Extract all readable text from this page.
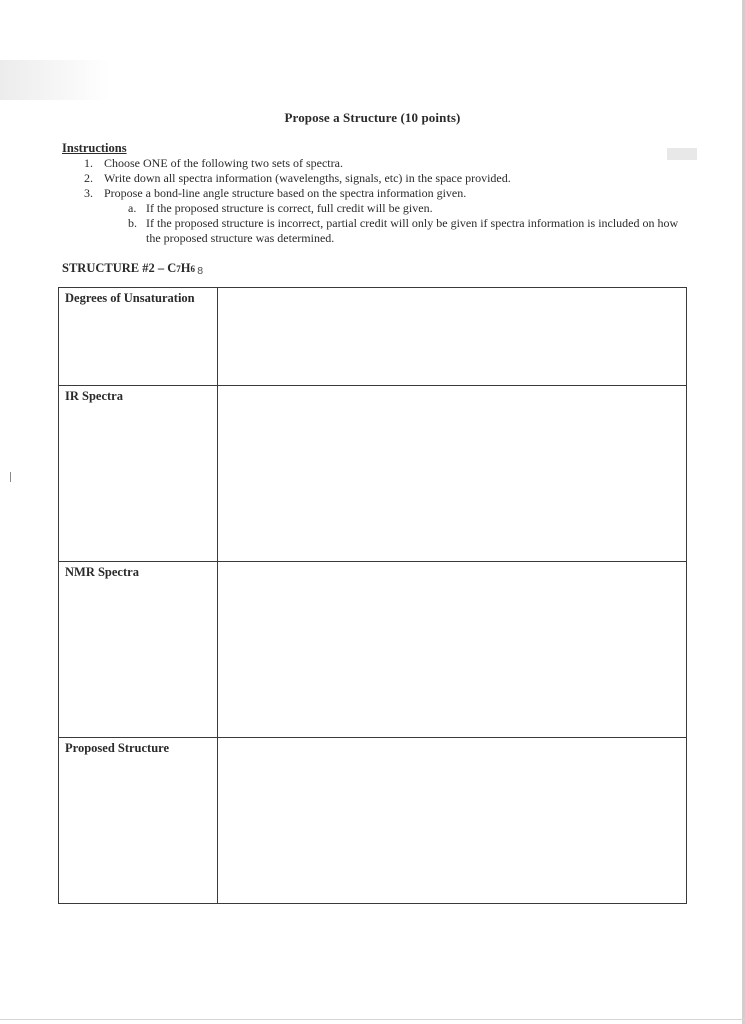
Propose a Structure (10 points)
Instructions
1. Choose ONE of the following two sets of spectra.
2. Write down all spectra information (wavelengths, signals, etc) in the space provided.
3. Propose a bond-line angle structure based on the spectra information given.
a. If the proposed structure is correct, full credit will be given.
b. If the proposed structure is incorrect, partial credit will only be given if spectra information is included on how the proposed structure was determined.
STRUCTURE #2 – C7H6 8
Degrees of Unsaturation	
IR Spectra	
NMR Spectra	
Proposed Structure	
